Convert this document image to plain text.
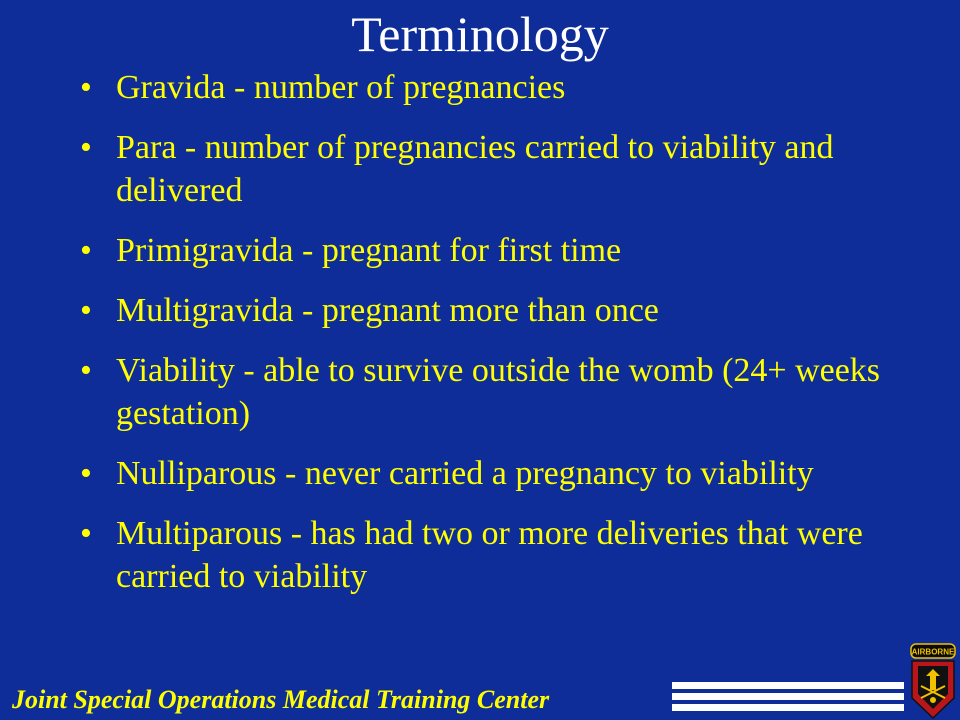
Terminology
• Gravida - number of pregnancies
• Para - number of pregnancies carried to viability and delivered
• Primigravida - pregnant for first time
• Multigravida - pregnant more than once
• Viability - able to survive outside the womb (24+ weeks gestation)
• Nulliparous - never carried a pregnancy to viability
• Multiparous - has had two or more deliveries that were carried to viability
Joint Special Operations Medical Training Center
AIRBORNE
